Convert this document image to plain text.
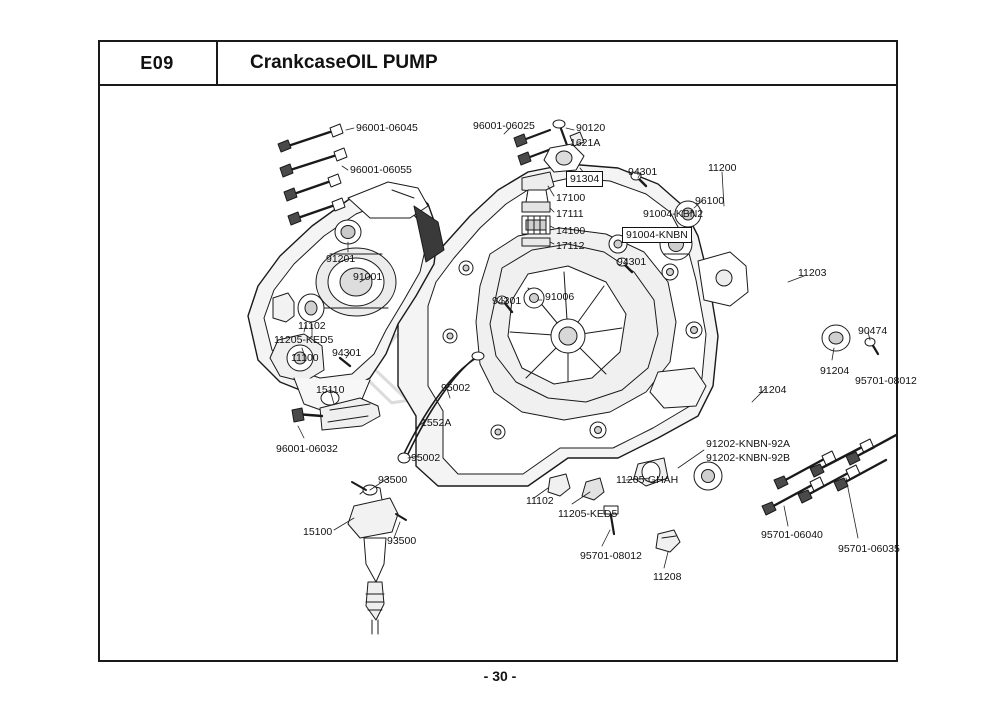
E09	CrankcaseOIL PUMP
96001-06045
96001-06055
96001-06025	90120
1621A
91304
17100
17111
14100
17112
94301	11200
96100
91004-KBN2
91004-KNBN
91201
91001
94301
11203
94301 91006
11102
11205-KED5
11100
90474
91204
95701-08012
94301
95002
15110
1552A
11204
96001-06032
95002
91202-KNBN-92A
91202-KNBN-92B
93500	11205-GHAH
11102
15100
93500
11205-KED5
95701-06040
95701-06035
95701-08012
11208
- 30 -
